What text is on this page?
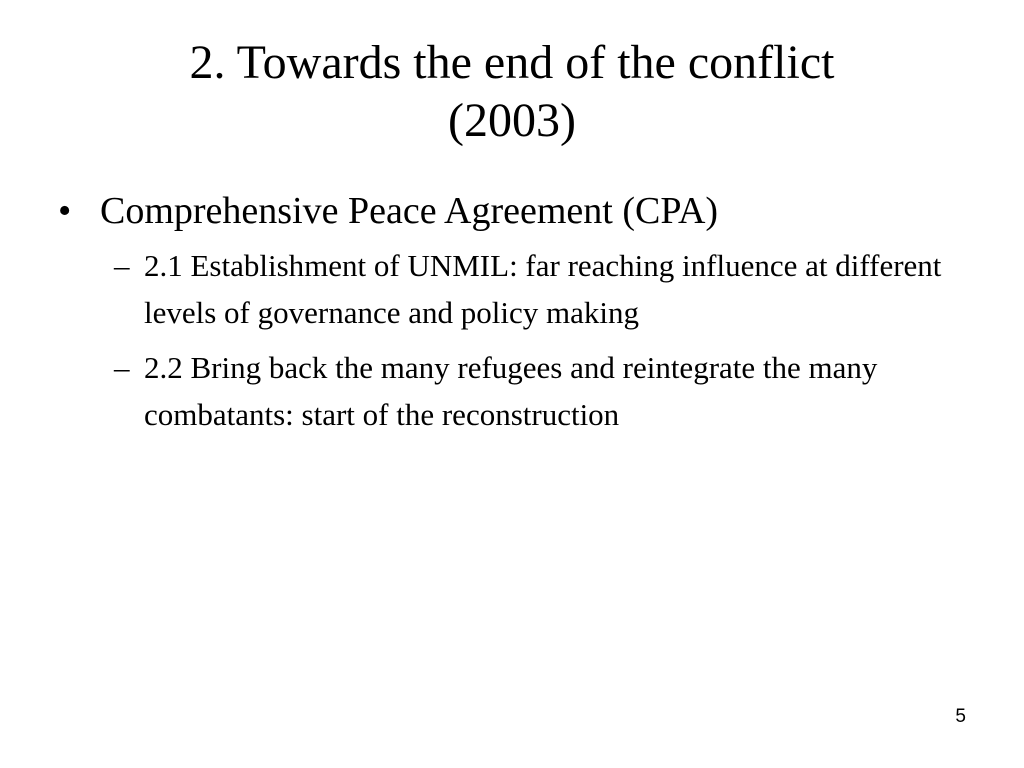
2. Towards the end of the conflict
(2003)
• Comprehensive Peace Agreement (CPA)
– 2.1 Establishment of UNMIL: far reaching influence at different levels of governance and policy making
– 2.2 Bring back the many refugees and reintegrate the many combatants: start of the reconstruction
5
